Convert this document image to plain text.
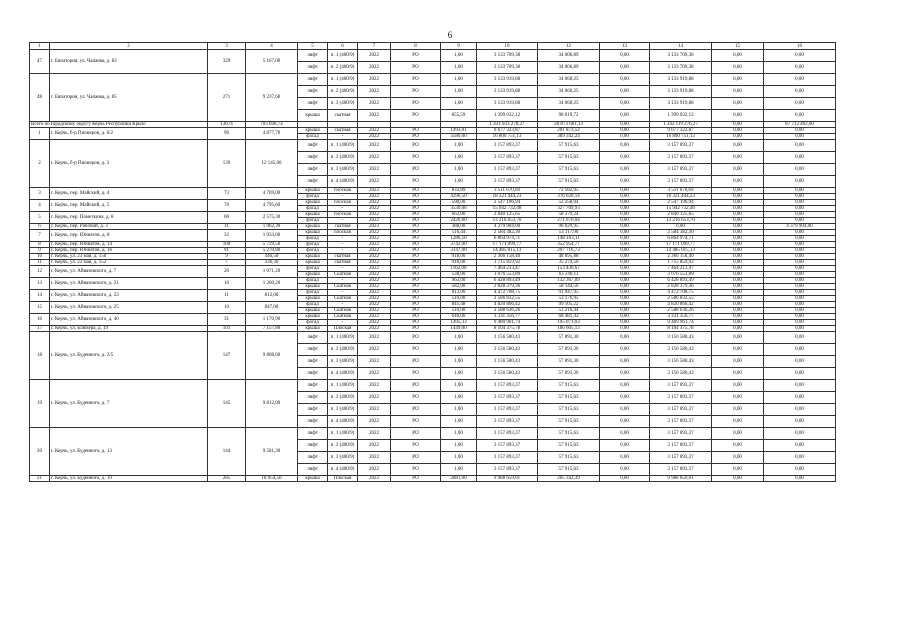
6
1	2	3	4	5	6	7	8	9	10	12	13	14	15	16
47	г. Евпатория, ул. Чапаева, д. 83	329	5 167,00	лифт	п. 1 (400/9)	2022	РО	1,00	3 133 709,38	34 006,89	0,00	3 133 709,38	0,00	0,00
				лифт	п. 2 (400/9)	2022	РО	1,00	3 133 709,38	34 006,89	0,00	3 133 709,38	0,00	0,00
48	г. Евпатория, ул. Чапаева, д. 85	271	9 237,60	лифт	п. 1 (400/9)	2022	РО	1,00	3 133 919,88	34 060,25	0,00	3 133 919,88	0,00	0,00
				лифт	п. 2 (400/9)	2022	РО	1,00	3 133 919,88	34 060,25	0,00	3 133 919,88	0,00	0,00
				лифт	п. 3 (400/9)	2022	РО	1,00	3 133 919,88	34 060,25	0,00	3 133 919,88	0,00	0,00
				крыша	скатная	2022	РО	855,59	1 399 032,12	98 619,72	0,00	1 399 032,12	0,00	0,00
Всего по городскому округу Керчь Республики Крым:		13674	703 698,74						1 431 933 278,27	28 873 681,13	0,00	1 342 119 276,27	0,00	87 713 402,00
1	г. Керчь, б-р Пионеров, д. 6/2	96	4 877,70	крыша	скатная	2022	РО	1493,01	9 677 323,87	201 873,52	0,00	9 677 323,87	0,00	0,00
				фасад	-	2022	РО	3580,00	16 800 751,13	389 342,24	0,00	16 800 751,13	0,00	0,00
2	г. Керчь, б-р Пионеров, д. 3	139	12 145,00	лифт	п. 1 (400/9)	2022	РО	1,00	3 157 893,37	57 915,63	0,00	3 157 893,37	0,00	0,00
				лифт	п. 2 (400/9)	2022	РО	1,00	3 157 893,37	57 915,63	0,00	3 157 893,37	0,00	0,00
				лифт	п. 3 (400/9)	2022	РО	1,00	3 157 893,37	57 915,63	0,00	3 157 893,37	0,00	0,00
				лифт	п. 4 (400/9)	2022	РО	1,00	3 157 893,37	57 915,63	0,00	3 157 893,37	0,00	0,00
3	г. Керчь, пер. Майский, д. 4	73	4 769,00	крыша	плоская	2022	РО	833,89	3 511 670,69	72 182,95	0,00	3 511 670,69	0,00	0,00
				фасад	-	2022	РО	4296,50	18 321 444,23	376 620,14	0,00	18 321 444,23	0,00	0,00
4	г. Керчь, пер. Майский, д. 5	70	4 795,60	крыша	плоская	2022	РО	598,00	2 547 196,94	52 358,04	0,00	2 547 196,94	0,00	0,00
				фасад	-	2022	РО	3530,06	15 942 732,48	327 709,93	0,00	15 942 732,48	0,00	0,00
5	г. Керчь, пер. Пометкина, д. 8	60	2 575,30	крыша	плоская	2022	РО	663,00	2 840 125,65	58 379,24	0,00	2 840 125,65	0,00	0,00
				фасад	-	2022	РО	2420,00	13 216 653,70	271 670,04	0,00	13 216 653,70	0,00	0,00
6	г. Керчь, пер. Рабочий, д. 3	11	1 062,30	крыша	скатная	2023	РО	388,00	4 379 904,00	90 029,95	0,00	0,00	0,00	4 379 904,00
7	г. Керчь, пер. Юннатов, д. 8	32	1 933,00	крыша	плоская	2022	РО	516,44	2 584 382,30	53 117,90	0,00	2 584 382,30	0,00	0,00
				фасад	-	2022	РО	1286,10	6 864 974,71	148 163,11	0,00	6 864 974,71	0,00	0,00
8	г. Керчь, пер. Юннатов, д. 14	100	5 729,50	фасад	-	2022	РО	3742,00	17 171 099,77	352 954,77	0,00	17 171 099,77	0,00	0,00
9	г. Керчь, пер. Юннатов, д. 16	91	5 270,80	фасад	-	2022	РО	3147,00	14 485 015,13	297 716,73	0,00	14 485 015,13	0,00	0,00
10	г. Керчь, ул. 23 мая, д. 150	9	446,50	крыша	скатная	2022	РО	918,00	2 366 158,40	48 695,88	0,00	2 366 158,40	0,00	0,00
11	г. Керчь, ул. 23 мая, д. 152	7	336,30	крыша	скатная	2022	РО	918,00	1 715 859,92	35 274,50	0,00	1 715 859,92	0,00	0,00
12	г. Керчь, ул. Айвазовского, д. 7	20	1 071,20	фасад	-	2022	РО	1162,00	7 464 213,47	153 430,67	0,00	7 464 213,47	0,00	0,00
				крыша	Скатная	2022	РО	538,00	3 076 553,89	63 240,11	0,00	3 076 553,89	0,00	0,00
13	г. Керчь, ул. Айвазовского, д. 21	16	1 260,20	фасад	-	2022	РО	963,00	6 428 893,49	132 367,09	0,00	6 428 893,49	0,00	0,00
				крыша	Скатная	2022	РО	582,00	2 828 379,36	58 144,56	0,00	2 828 379,36	0,00	0,00
14	г. Керчь, ул. Айвазовского, д. 23	11	812,00	фасад	-	2022	РО	813,00	4 472 708,75	91 947,95	0,00	4 472 708,75	0,00	0,00
				крыша	Скатная	2022	РО	510,00	2 586 832,55	53 176,95	0,00	2 586 832,55	0,00	0,00
15	г. Керчь, ул. Айвазовского, д. 25	10	847,00	фасад	-	2022	РО	841,48	4 820 866,42	99 105,22	0,00	4 820 866,42	0,00	0,00
				крыша	Скатная	2022	РО	510,00	2 588 636,26	53 216,44	0,00	2 588 636,26	0,00	0,00
16	г. Керчь, ул. Айвазовского, д. 40	31	1 170,90	крыша	Скатная	2022	РО	646,00	3 331 356,77	68 481,42	0,00	3 331 356,77	0,00	0,00
				фасад	-	2022	РО	1495,33	9 489 961,74	195 071,03	0,00	9 489 961,74	0,00	0,00
17	г. Керчь, ул. Блюхера, д. 19	101	7 157,80	крыша	Плоская	2022	РО	1449,00	8 104 375,78	166 605,13	0,00	8 104 375,78	0,00	0,00
18	г. Керчь, ул. Буденного, д. 2/5	147	9 808,60	лифт	п. 1 (400/9)	2022	РО	1,00	3 156 580,43	57 891,30	0,00	3 156 580,43	0,00	0,00
				лифт	п. 2 (400/9)	2022	РО	1,00	3 156 580,43	57 891,30	0,00	3 156 580,43	0,00	0,00
				лифт	п. 3 (400/9)	2022	РО	1,00	3 156 580,43	57 891,30	0,00	3 156 580,43	0,00	0,00
				лифт	п. 4 (400/9)	2022	РО	1,00	3 156 580,43	57 891,30	0,00	3 156 580,43	0,00	0,00
19	г. Керчь, ул. Буденного, д. 7	145	9 812,00	лифт	п. 1 (400/9)	2022	РО	1,00	3 157 893,37	57 915,63	0,00	3 157 893,37	0,00	0,00
				лифт	п. 2 (400/9)	2022	РО	1,00	3 157 893,37	57 915,63	0,00	3 157 893,37	0,00	0,00
				лифт	п. 3 (400/9)	2022	РО	1,00	3 157 893,37	57 915,63	0,00	3 157 893,37	0,00	0,00
				лифт	п. 4 (400/9)	2022	РО	1,00	3 157 893,37	57 915,63	0,00	3 157 893,37	0,00	0,00
20	г. Керчь, ул. Буденного, д. 13	144	9 581,30	лифт	п. 1 (400/9)	2022	РО	1,00	3 157 893,37	57 915,63	0,00	3 157 893,37	0,00	0,00
				лифт	п. 2 (400/9)	2022	РО	1,00	3 157 893,37	57 915,63	0,00	3 157 893,37	0,00	0,00
				лифт	п. 3 (400/9)	2022	РО	1,00	3 157 893,37	57 915,63	0,00	3 157 893,37	0,00	0,00
				лифт	п. 4 (400/9)	2022	РО	1,00	3 157 893,37	57 915,63	0,00	3 157 893,37	0,00	0,00
21	г. Керчь, ул. Буденного, д. 19	285	18 954,50	крыша	Плоская	2022	РО	2881,00	9 988 659,01	205 342,39	0,00	9 988 659,01	0,00	0,00
